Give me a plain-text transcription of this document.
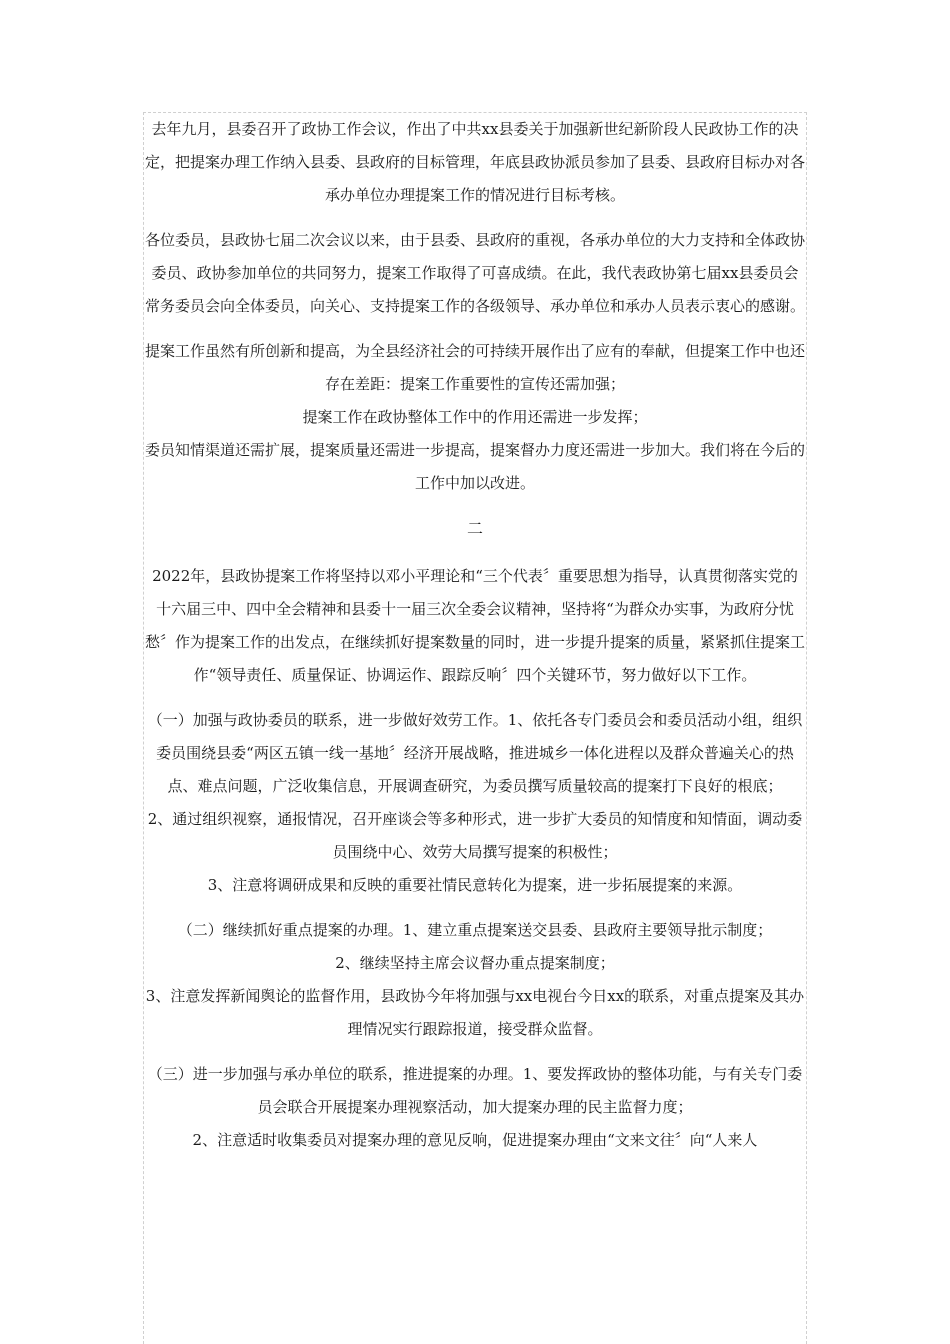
去年九月，县委召开了政协工作会议，作出了中共xx县委关于加强新世纪新阶段人民政协工作的决定，把提案办理工作纳入县委、县政府的目标管理，年底县政协派员参加了县委、县政府目标办对各承办单位办理提案工作的情况进行目标考核。

各位委员，县政协七届二次会议以来，由于县委、县政府的重视，各承办单位的大力支持和全体政协委员、政协参加单位的共同努力，提案工作取得了可喜成绩。在此，我代表政协第七届xx县委员会常务委员会向全体委员，向关心、支持提案工作的各级领导、承办单位和承办人员表示衷心的感谢。

提案工作虽然有所创新和提高，为全县经济社会的可持续开展作出了应有的奉献，但提案工作中也还存在差距：提案工作重要性的宣传还需加强；

提案工作在政协整体工作中的作用还需进一步发挥；

委员知情渠道还需扩展，提案质量还需进一步提高，提案督办力度还需进一步加大。我们将在今后的工作中加以改进。

二

2022年，县政协提案工作将坚持以邓小平理论和“三个代表〞重要思想为指导，认真贯彻落实党的十六届三中、四中全会精神和县委十一届三次全委会议精神，坚持将“为群众办实事，为政府分忧愁〞作为提案工作的出发点，在继续抓好提案数量的同时，进一步提升提案的质量，紧紧抓住提案工作“领导责任、质量保证、协调运作、跟踪反响〞四个关键环节，努力做好以下工作。

（一）加强与政协委员的联系，进一步做好效劳工作。1、依托各专门委员会和委员活动小组，组织委员围绕县委“两区五镇一线一基地〞经济开展战略，推进城乡一体化进程以及群众普遍关心的热点、难点问题，广泛收集信息，开展调查研究，为委员撰写质量较高的提案打下良好的根底；

2、通过组织视察，通报情况，召开座谈会等多种形式，进一步扩大委员的知情度和知情面，调动委员围绕中心、效劳大局撰写提案的积极性；

3、注意将调研成果和反映的重要社情民意转化为提案，进一步拓展提案的来源。

（二）继续抓好重点提案的办理。1、建立重点提案送交县委、县政府主要领导批示制度；

2、继续坚持主席会议督办重点提案制度；

3、注意发挥新闻舆论的监督作用，县政协今年将加强与xx电视台今日xx的联系，对重点提案及其办理情况实行跟踪报道，接受群众监督。

（三）进一步加强与承办单位的联系，推进提案的办理。1、要发挥政协的整体功能，与有关专门委员会联合开展提案办理视察活动，加大提案办理的民主监督力度；

2、注意适时收集委员对提案办理的意见反响，促进提案办理由“文来文往〞向“人来人
